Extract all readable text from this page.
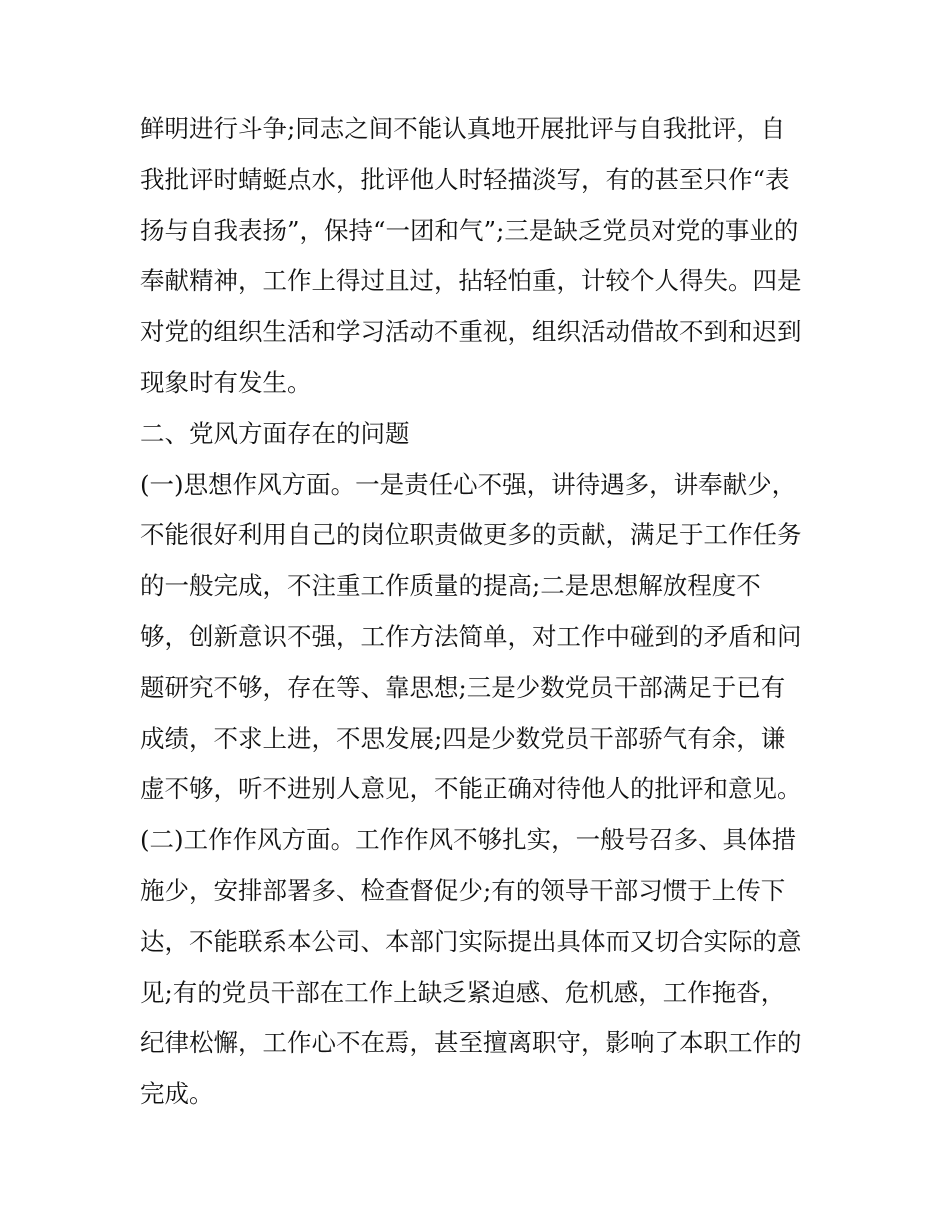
鲜明进行斗争;同志之间不能认真地开展批评与自我批评，自
我批评时蜻蜓点水，批评他人时轻描淡写，有的甚至只作“表
扬与自我表扬”，保持“一团和气”;三是缺乏党员对党的事业的
奉献精神，工作上得过且过，拈轻怕重，计较个人得失。四是
对党的组织生活和学习活动不重视，组织活动借故不到和迟到
现象时有发生。
二、党风方面存在的问题
(一)思想作风方面。一是责任心不强，讲待遇多，讲奉献少，
不能很好利用自己的岗位职责做更多的贡献，满足于工作任务
的一般完成，不注重工作质量的提高;二是思想解放程度不
够，创新意识不强，工作方法简单，对工作中碰到的矛盾和问
题研究不够，存在等、靠思想;三是少数党员干部满足于已有
成绩，不求上进，不思发展;四是少数党员干部骄气有余，谦
虚不够，听不进别人意见，不能正确对待他人的批评和意见。
(二)工作作风方面。工作作风不够扎实，一般号召多、具体措
施少，安排部署多、检查督促少;有的领导干部习惯于上传下
达，不能联系本公司、本部门实际提出具体而又切合实际的意
见;有的党员干部在工作上缺乏紧迫感、危机感，工作拖沓，
纪律松懈，工作心不在焉，甚至擅离职守，影响了本职工作的
完成。
